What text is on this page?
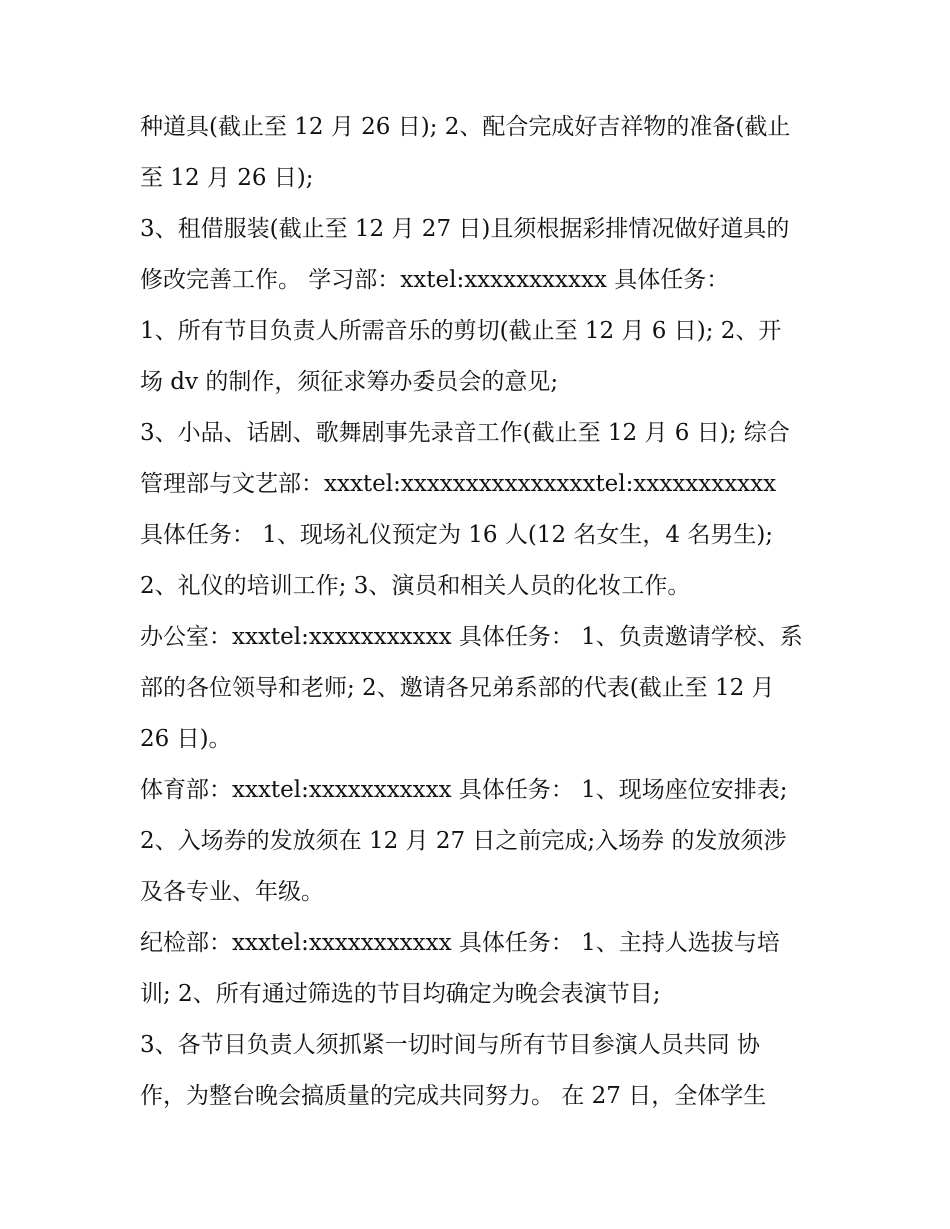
种道具(截止至 12 月 26 日); 2、配合完成好吉祥物的准备(截止
至 12 月 26 日);
3、租借服装(截止至 12 月 27 日)且须根据彩排情况做好道具的
修改完善工作。 学习部：xxtel:xxxxxxxxxxx 具体任务：
1、所有节目负责人所需音乐的剪切(截止至 12 月 6 日); 2、开
场 dv 的制作，须征求筹办委员会的意见;
3、小品、话剧、歌舞剧事先录音工作(截止至 12 月 6 日); 综合
管理部与文艺部：xxxtel:xxxxxxxxxxxxxxxtel:xxxxxxxxxxx
具体任务： 1、现场礼仪预定为 16 人(12 名女生，4 名男生);
2、礼仪的培训工作; 3、演员和相关人员的化妆工作。
办公室：xxxtel:xxxxxxxxxxx 具体任务： 1、负责邀请学校、系
部的各位领导和老师; 2、邀请各兄弟系部的代表(截止至 12 月
26 日)。
体育部：xxxtel:xxxxxxxxxxx 具体任务： 1、现场座位安排表;
2、入场券的发放须在 12 月 27 日之前完成;入场券 的发放须涉
及各专业、年级。
纪检部：xxxtel:xxxxxxxxxxx 具体任务： 1、主持人选拔与培
训; 2、所有通过筛选的节目均确定为晚会表演节目;
3、各节目负责人须抓紧一切时间与所有节目参演人员共同 协
作，为整台晚会搞质量的完成共同努力。 在 27 日，全体学生
